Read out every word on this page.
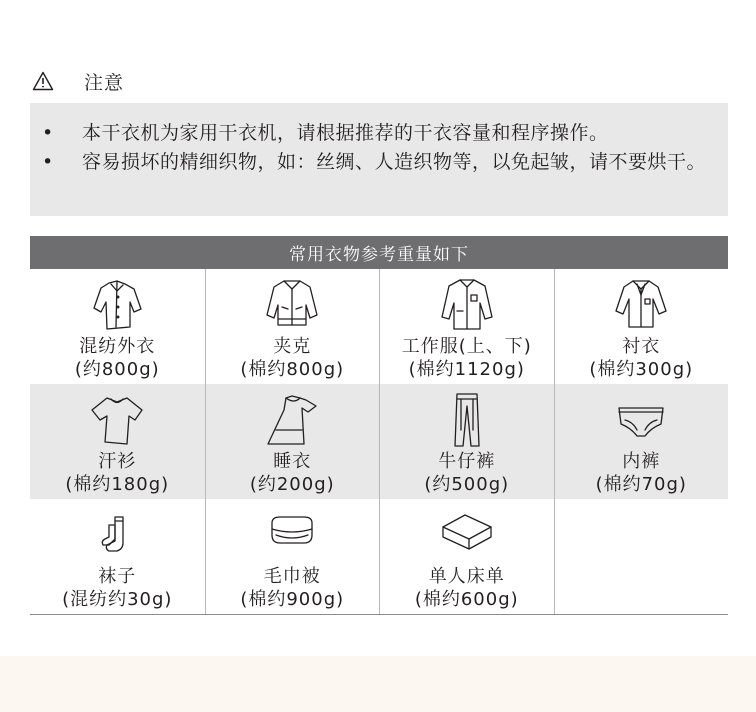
注意
• 本干衣机为家用干衣机，请根据推荐的干衣容量和程序操作。
• 容易损坏的精细织物，如：丝绸、人造织物等，以免起皱，请不要烘干。
常用衣物参考重量如下
混纺外衣
(约800g)
夹克
(棉约800g)
工作服(上、下)
(棉约1120g)
衬衣
(棉约300g)
汗衫
(棉约180g)
睡衣
(约200g)
牛仔裤
(约500g)
内裤
(棉约70g)
袜子
(混纺约30g)
毛巾被
(棉约900g)
单人床单
(棉约600g)
